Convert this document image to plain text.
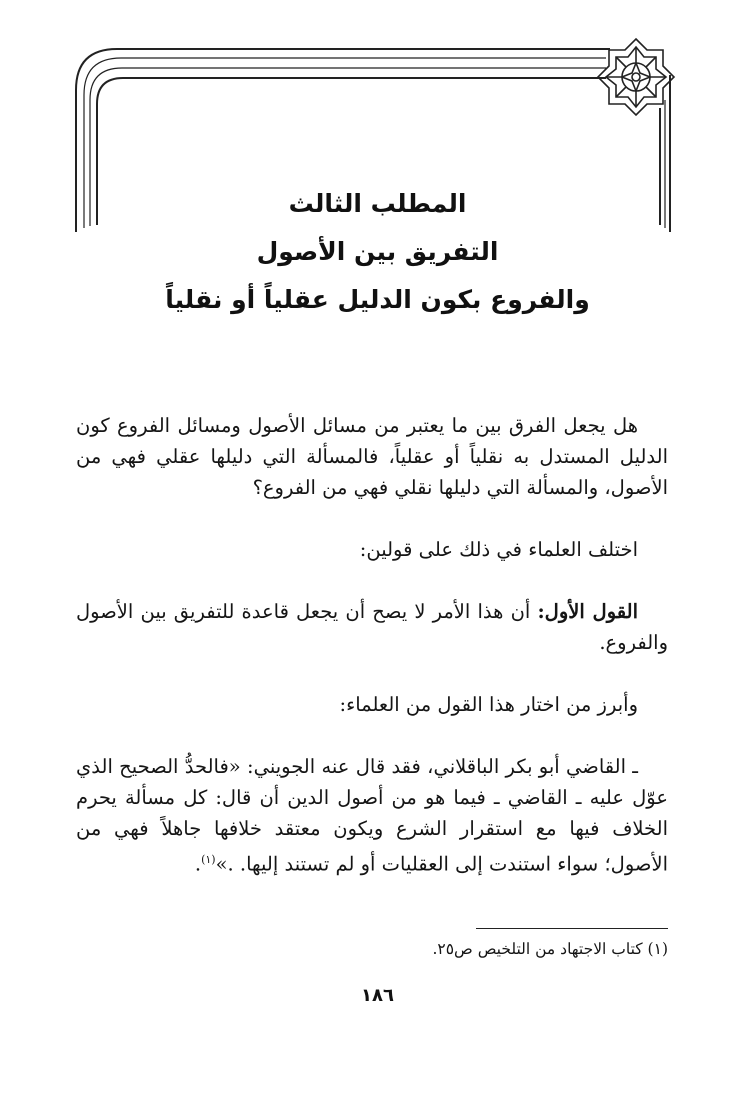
المطلب الثالث
التفريق بين الأصول
والفروع بكون الدليل عقلياً أو نقلياً

هل يجعل الفرق بين ما يعتبر من مسائل الأصول ومسائل الفروع كون الدليل المستدل به نقلياً أو عقلياً، فالمسألة التي دليلها عقلي فهي من الأصول، والمسألة التي دليلها نقلي فهي من الفروع؟

اختلف العلماء في ذلك على قولين:

القول الأول: أن هذا الأمر لا يصح أن يجعل قاعدة للتفريق بين الأصول والفروع.

وأبرز من اختار هذا القول من العلماء:

ـ القاضي أبو بكر الباقلاني، فقد قال عنه الجويني: «فالحدُّ الصحيح الذي عوّل عليه ـ القاضي ـ فيما هو من أصول الدين أن قال: كل مسألة يحرم الخلاف فيها مع استقرار الشرع ويكون معتقد خلافها جاهلاً فهي من الأصول؛ سواء استندت إلى العقليات أو لم تستند إليها. .»$^{(١)}$.

(١) كتاب الاجتهاد من التلخيص ص٢٥.
١٨٦
